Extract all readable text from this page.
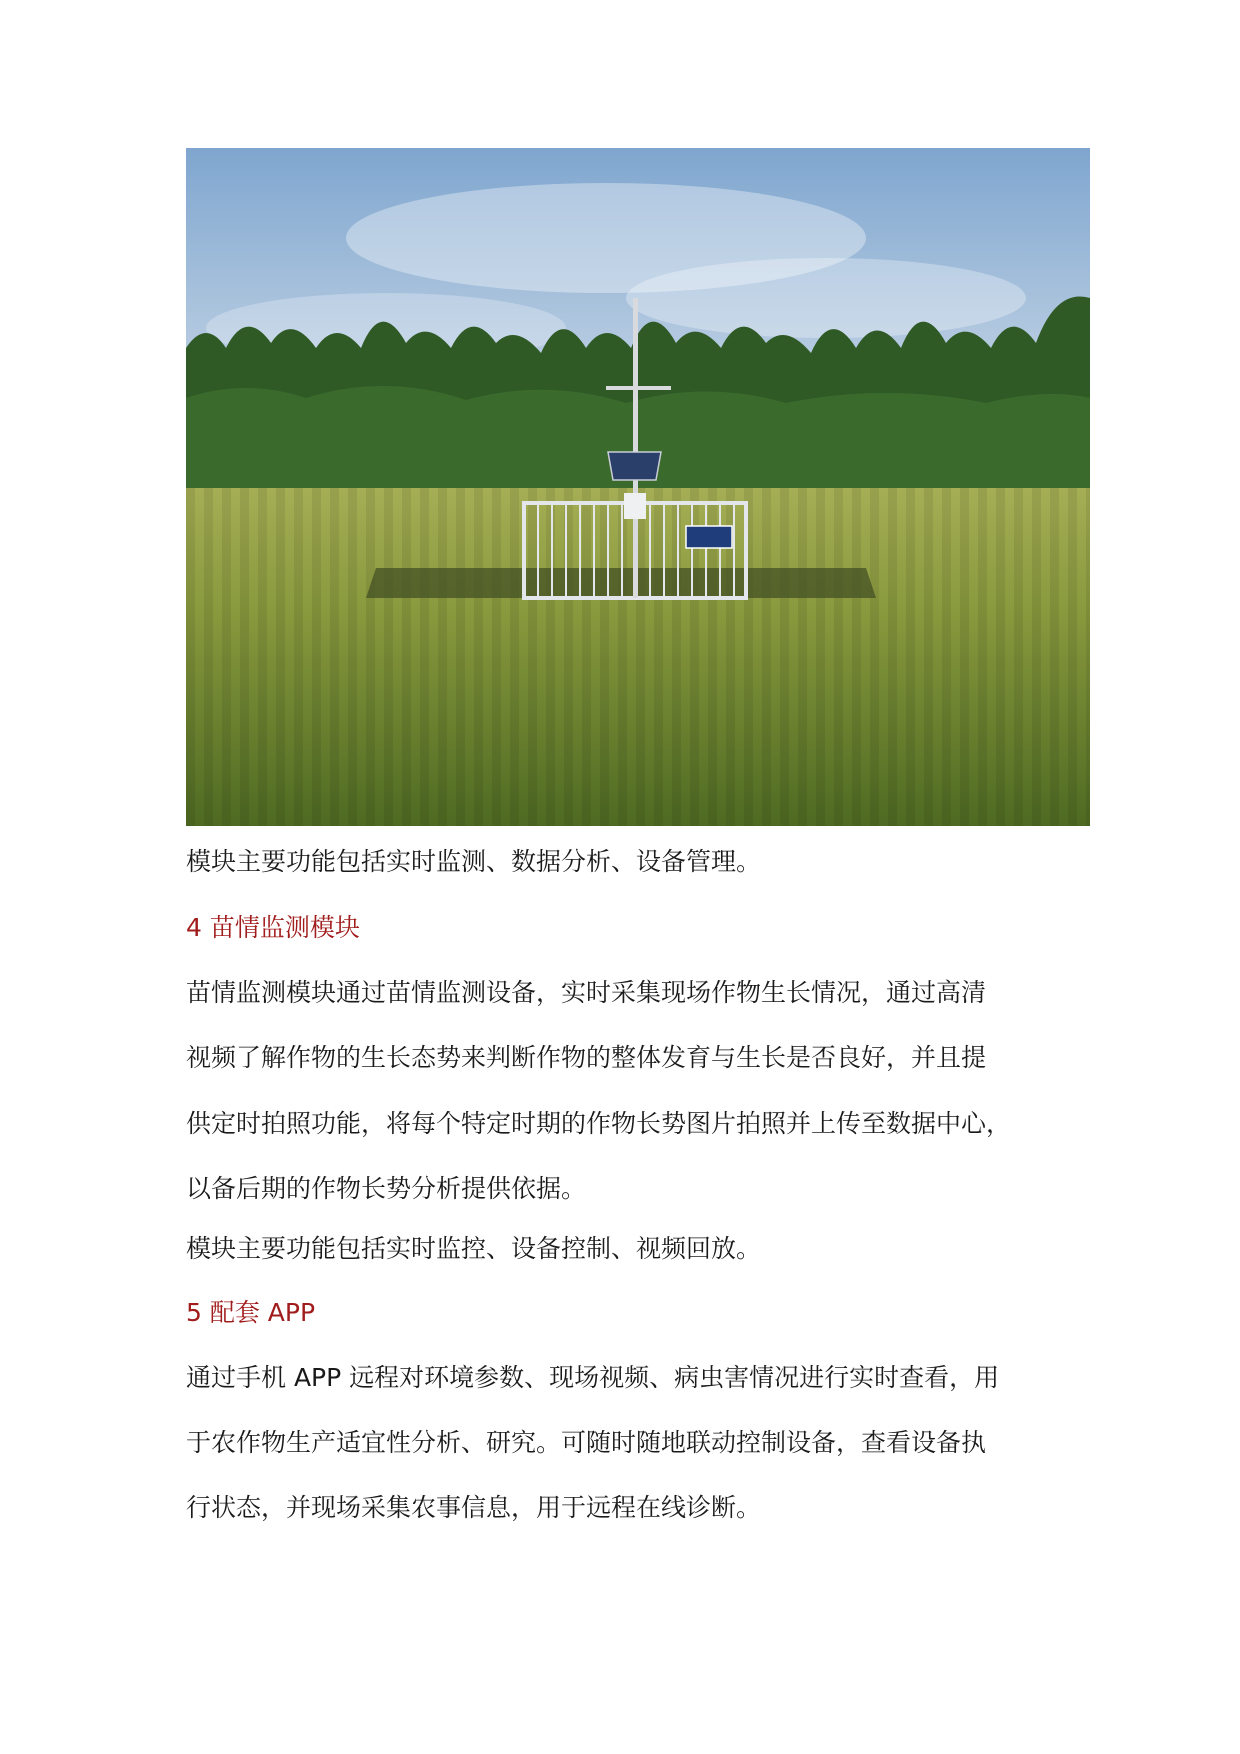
模块主要功能包括实时监测、数据分析、设备管理。

4 苗情监测模块

苗情监测模块通过苗情监测设备，实时采集现场作物生长情况，通过高清

视频了解作物的生长态势来判断作物的整体发育与生长是否良好，并且提

供定时拍照功能，将每个特定时期的作物长势图片拍照并上传至数据中心，

以备后期的作物长势分析提供依据。

模块主要功能包括实时监控、设备控制、视频回放。

5 配套 APP

通过手机 APP 远程对环境参数、现场视频、病虫害情况进行实时查看，用

于农作物生产适宜性分析、研究。可随时随地联动控制设备，查看设备执

行状态，并现场采集农事信息，用于远程在线诊断。
